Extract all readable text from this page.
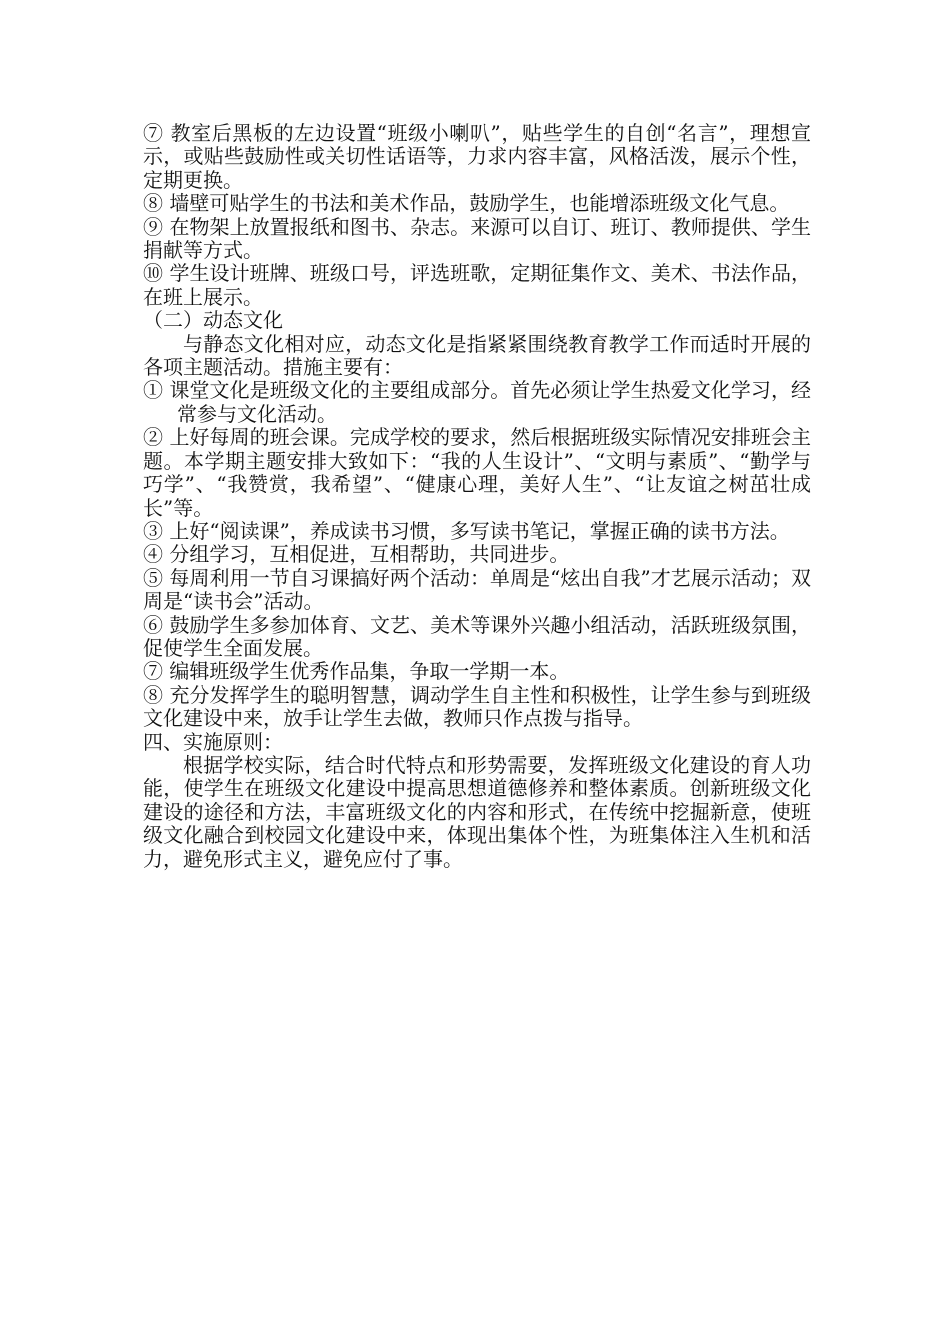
⑦ 教室后黑板的左边设置“班级小喇叭”，贴些学生的自创“名言”，理想宣示，或贴些鼓励性或关切性话语等，力求内容丰富，风格活泼，展示个性，定期更换。

⑧ 墙壁可贴学生的书法和美术作品，鼓励学生，也能增添班级文化气息。

⑨ 在物架上放置报纸和图书、杂志。来源可以自订、班订、教师提供、学生捐献等方式。

⑩ 学生设计班牌、班级口号，评选班歌，定期征集作文、美术、书法作品，在班上展示。

（二）动态文化

与静态文化相对应，动态文化是指紧紧围绕教育教学工作而适时开展的各项主题活动。措施主要有：

① 课堂文化是班级文化的主要组成部分。首先必须让学生热爱文化学习，经常参与文化活动。

② 上好每周的班会课。完成学校的要求，然后根据班级实际情况安排班会主题。本学期主题安排大致如下：“我的人生设计”、“文明与素质”、“勤学与巧学”、“我赞赏，我希望”、“健康心理，美好人生”、“让友谊之树茁壮成长”等。

③ 上好“阅读课”，养成读书习惯，多写读书笔记，掌握正确的读书方法。

④ 分组学习，互相促进，互相帮助，共同进步。

⑤ 每周利用一节自习课搞好两个活动：单周是“炫出自我”才艺展示活动；双周是“读书会”活动。

⑥ 鼓励学生多参加体育、文艺、美术等课外兴趣小组活动，活跃班级氛围，促使学生全面发展。

⑦ 编辑班级学生优秀作品集，争取一学期一本。

⑧ 充分发挥学生的聪明智慧，调动学生自主性和积极性，让学生参与到班级文化建设中来，放手让学生去做，教师只作点拨与指导。

四、实施原则：

根据学校实际，结合时代特点和形势需要，发挥班级文化建设的育人功能，使学生在班级文化建设中提高思想道德修养和整体素质。创新班级文化建设的途径和方法，丰富班级文化的内容和形式，在传统中挖掘新意，使班级文化融合到校园文化建设中来，体现出集体个性，为班集体注入生机和活力，避免形式主义，避免应付了事。
